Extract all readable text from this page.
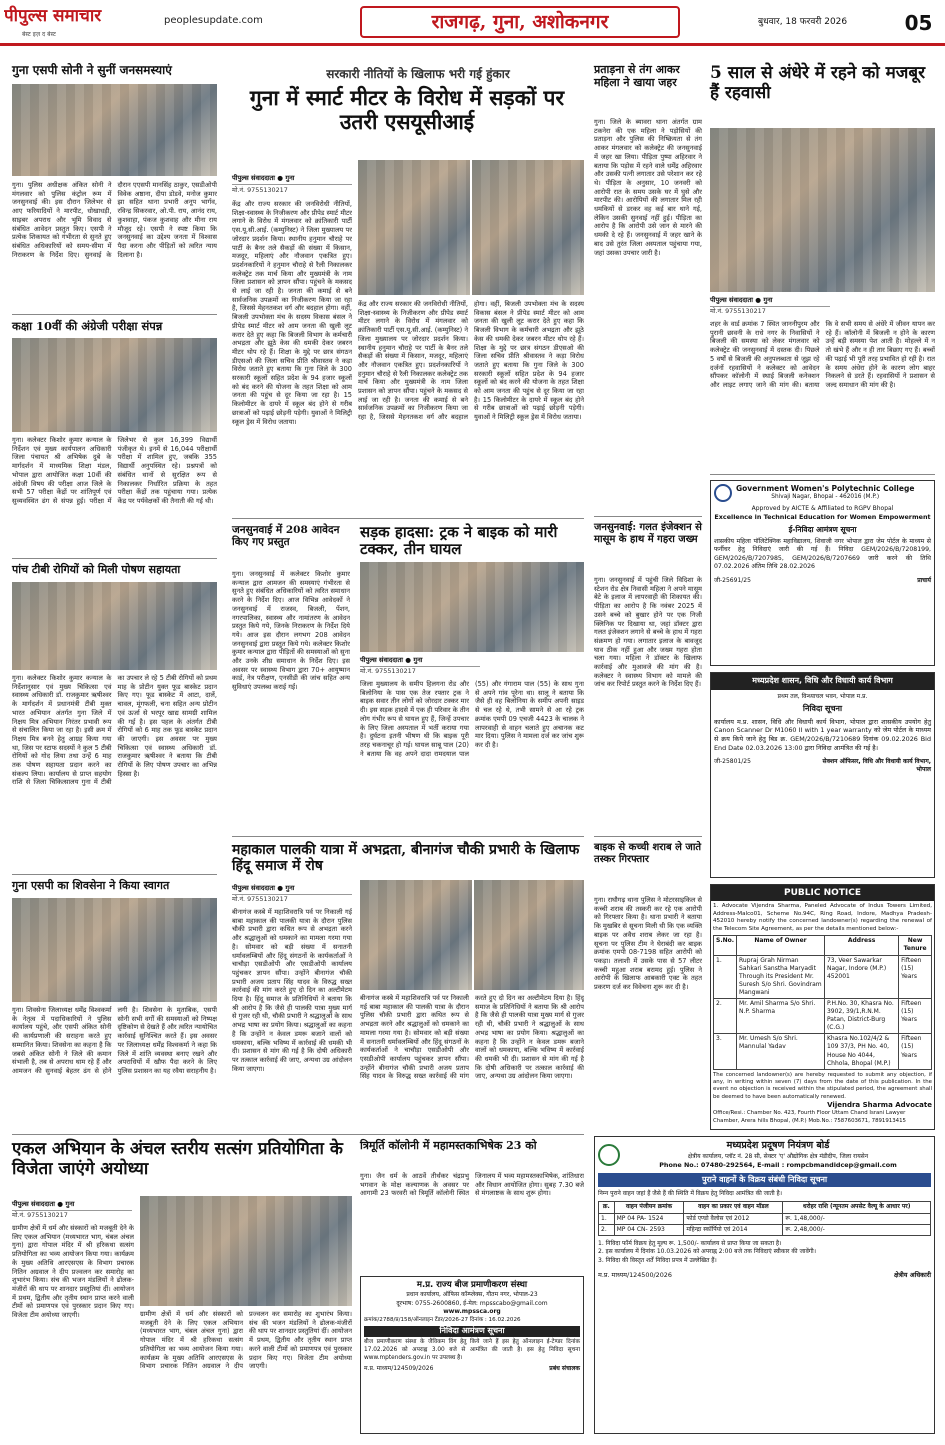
पीपुल्स समाचार
बेस्ट इज़ द बेस्ट
peoplesupdate.com	राजगढ़, गुना, अशोकनगर	बुधवार, 18 फरवरी 2026	05
गुना एसपी सोनी ने सुनीं जनसमस्याएं
गुना। पुलिस अधीक्षक अंकित सोनी ने मंगलवार को पुलिस कंट्रोल रूम में जनसुनवाई की। इस दौरान जिलेभर से आए फरियादियों ने मारपीट, धोखाधड़ी, साइबर अपराध और भूमि विवाद से संबंधित आवेदन प्रस्तुत किए। एसपी ने प्रत्येक शिकायत को गंभीरता से सुनते हुए संबंधित अधिकारियों को समय-सीमा में निराकरण के निर्देश दिए। सुनवाई के दौरान एएसपी मानसिंह ठाकुर, एसडीओपी विवेक अष्ठाना, दीपा डोडवे, मनोज कुमार झा सहित थाना प्रभारी अनूप भार्गव, रविन्द्र सिकरवार, ओ.पी. राय, आनंद राय, कुशवाहा, पंकज कुशवाह और मीना राय मौजूद रहे। एसपी ने स्पष्ट किया कि जनसुनवाई का उद्देश्य जनता में विश्वास पैदा करना और पीड़ितों को त्वरित न्याय दिलाना है।
कक्षा 10वीं की अंग्रेजी परीक्षा संपन्न
गुना। कलेक्टर किशोर कुमार कन्याल के निर्देशन एवं मुख्य कार्यपालन अधिकारी जिला पंचायत श्री अभिषेक दुबे के मार्गदर्शन में माध्यमिक शिक्षा मंडल, भोपाल द्वारा आयोजित कक्षा 10वीं की अंग्रेजी विषय की परीक्षा आज जिले के सभी 57 परीक्षा केंद्रों पर शांतिपूर्ण एवं सुव्यवस्थित ढंग से संपन्न हुई। परीक्षा में जिलेभर से कुल 16,399 विद्यार्थी पंजीकृत थे। इनमें से 16,044 परीक्षार्थी परीक्षा में शामिल हुए, जबकि 355 विद्यार्थी अनुपस्थित रहे। प्रश्नपत्रों को संबंधित थानों से सुरक्षित रूप से निकालकर निर्धारित प्रक्रिया के तहत परीक्षा केंद्रों तक पहुंचाया गया। प्रत्येक केंद्र पर पर्यवेक्षकों की तैनाती की गई थी।
पांच टीबी रोगियों को मिली पोषण सहायता
गुना। कलेक्टर किशोर कुमार कन्याल के निर्देशानुसार एवं मुख्य चिकित्सा एवं स्वास्थ्य अधिकारी डॉ. राजकुमार ऋषीश्वर के मार्गदर्शन में प्रधानमंत्री टीबी मुक्त भारत अभियान अंतर्गत गुना जिले में निक्षय मित्र अभियान निरंतर प्रभावी रूप से संचालित किया जा रहा है। इसी क्रम में निक्षय मित्र बनने हेतु आग्रह किया गया था, जिस पर स्टाफ सदस्यों ने कुल 5 टीबी रोगियों को गोद लिया तथा उन्हें 6 माह तक पोषण सहायता प्रदान करने का संकल्प लिया। कार्यालय से प्राप्त सहयोग राशि से जिला चिकित्सालय गुना में टीबी का उपचार ले रहे 5 टीबी रोगियों को प्रथम माह के प्रोटीन युक्त फूड बास्केट प्रदान किए गए। फूड बास्केट में आटा, दालें, चावल, मूंगफली, चना सहित अन्य प्रोटीन एवं ऊर्जा से भरपूर खाद्य सामग्री शामिल की गई है। इस पहल के अंतर्गत टीबी रोगियों को 6 माह तक फूड बास्केट प्रदान की जाएगी। इस अवसर पर मुख्य चिकित्सा एवं स्वास्थ्य अधिकारी डॉ. राजकुमार ऋषीश्वर ने बताया कि टीबी रोगियों के लिए पोषण उपचार का अभिन्न हिस्सा है।
गुना एसपी का शिवसेना ने किया स्वागत
गुना। शिवसेना जिलाध्यक्ष धर्मेंद्र विश्वकर्मा के नेतृत्व में पदाधिकारियों ने पुलिस कार्यालय पहुंचे, और एसपी अंकित सोनी की कार्यप्रणाली की सराहना करते हुए सम्मानित किया। शिवसेना का कहना है कि जबसे अंकित सोनी ने जिले की कमान संभाली है, तब से अपराध थाम रहे हैं और आमजन की सुनवाई बेहतर ढंग से होने लगी है। शिवसेना के मुताबिक, एसपी सोनी सभी वर्गों की समस्याओं को निष्पक्ष दृष्टिकोण से देखते हैं और त्वरित न्यायोचित कार्रवाई सुनिश्चित करते हैं। इस अवसर पर जिलाध्यक्ष धर्मेंद्र विश्वकर्मा ने कहा कि जिले में शांति व्यवस्था बनाए रखने और अपराधियों में खौफ पैदा करने के लिए पुलिस प्रशासन का यह रवैया सराहनीय है।
सरकारी नीतियों के खिलाफ भरी गई हुंकार
गुना में स्मार्ट मीटर के विरोध में सड़कों पर उतरी एसयूसीआई
पीपुल्स संवाददाता ● गुना
मो.नं. 9755130217
केंद्र और राज्य सरकार की जनविरोधी नीतियों, शिक्षा-स्वास्थ्य के निजीकरण और प्रीपेड स्मार्ट मीटर लगाने के विरोध में मंगलवार को क्रांतिकारी पार्टी एस.यू.सी.आई. (कम्युनिस्ट) ने जिला मुख्यालय पर जोरदार प्रदर्शन किया। स्थानीय हनुमान चौराहे पर पार्टी के बैनर तले सैकड़ों की संख्या में किसान, मजदूर, महिलाएं और नौजवान एकत्रित हुए। प्रदर्शनकारियों ने हनुमान चौराहे से रैली निकालकर कलेक्ट्रेट तक मार्च किया और मुख्यमंत्री के नाम जिला प्रशासन को ज्ञापन सौंपा। पहुंचने के मकसद से लाई जा रही है। जनता की कमाई से बने सार्वजनिक उपक्रमों का निजीकरण किया जा रहा है, जिससे मेहनतकश वर्ग और बदहाल होगा। वहीं, बिजली उपभोक्ता मंच के सदस्य विकास बंसल ने प्रीपेड स्मार्ट मीटर को आम जनता की खुली लूट करार देते हुए कहा कि बिजली विभाग के कर्मचारी अभद्रता और झूठे केस की धमकी देकर जबरन मीटर थोप रहे हैं। शिक्षा के मुद्दे पर छात्र संगठन डीएसओ की जिला सचिव प्रीति श्रीवास्तव ने कड़ा विरोध जताते हुए बताया कि गुना जिले के 300 सरकारी स्कूलों सहित प्रदेश के 94 हजार स्कूलों को बंद करने की योजना के तहत शिक्षा को आम जनता की पहुंच से दूर किया जा रहा है। 15 किलोमीटर के दायरे में स्कूल बंद होने से गरीब छात्राओं को पढ़ाई छोड़नी पड़ेगी। युवाओं ने मिलिट्री स्कूल ड्रेस में विरोध जताया।
केंद्र और राज्य सरकार की जनविरोधी नीतियों, शिक्षा-स्वास्थ्य के निजीकरण और प्रीपेड स्मार्ट मीटर लगाने के विरोध में मंगलवार को क्रांतिकारी पार्टी एस.यू.सी.आई. (कम्युनिस्ट) ने जिला मुख्यालय पर जोरदार प्रदर्शन किया। स्थानीय हनुमान चौराहे पर पार्टी के बैनर तले सैकड़ों की संख्या में किसान, मजदूर, महिलाएं और नौजवान एकत्रित हुए। प्रदर्शनकारियों ने हनुमान चौराहे से रैली निकालकर कलेक्ट्रेट तक मार्च किया और मुख्यमंत्री के नाम जिला प्रशासन को ज्ञापन सौंपा। पहुंचने के मकसद से लाई जा रही है। जनता की कमाई से बने सार्वजनिक उपक्रमों का निजीकरण किया जा रहा है, जिससे मेहनतकश वर्ग और बदहाल होगा। वहीं, बिजली उपभोक्ता मंच के सदस्य विकास बंसल ने प्रीपेड स्मार्ट मीटर को आम जनता की खुली लूट करार देते हुए कहा कि बिजली विभाग के कर्मचारी अभद्रता और झूठे केस की धमकी देकर जबरन मीटर थोप रहे हैं। शिक्षा के मुद्दे पर छात्र संगठन डीएसओ की जिला सचिव प्रीति श्रीवास्तव ने कड़ा विरोध जताते हुए बताया कि गुना जिले के 300 सरकारी स्कूलों सहित प्रदेश के 94 हजार स्कूलों को बंद करने की योजना के तहत शिक्षा को आम जनता की पहुंच से दूर किया जा रहा है। 15 किलोमीटर के दायरे में स्कूल बंद होने से गरीब छात्राओं को पढ़ाई छोड़नी पड़ेगी। युवाओं ने मिलिट्री स्कूल ड्रेस में विरोध जताया।
जनसुनवाई में 208 आवेदन किए गए प्रस्तुत
गुना। जनसुनवाई में कलेक्टर किशोर कुमार कन्याल द्वारा आमजन की समस्याएं गंभीरता से सुनते हुए संबंधित अधिकारियों को त्वरित समाधान करने के निर्देश दिए। आज विभिन्न आवेदकों ने जनसुनवाई में राजस्व, बिजली, पेंशन, नगरपालिका, स्वास्थ्य और नामांतरण के आवेदन प्रस्तुत किये गये, जिनके निराकरण के निर्देश दिये गये। आज इस दौरान लगभग 208 आवेदन जनसुनवाई द्वारा प्रस्तुत किये गये। कलेक्टर किशोर कुमार कन्याल द्वारा पीड़ितों की समस्याओं को सुना और उनके शीघ्र समाधान के निर्देश दिए। इस अवसर पर स्वास्थ्य विभाग द्वारा 70+ आयुष्मान कार्ड, नेत्र परीक्षण, एनसीडी की जांच सहित अन्य सुविधाएं उपलब्ध कराई गईं।
सड़क हादसा: ट्रक ने बाइक को मारी टक्कर, तीन घायल
पीपुल्स संवाददाता ● गुना
मो.नं. 9755130217
जिला मुख्यालय के समीप हिलगना रोड और बिलोनिया के पास एक तेज रफ्तार ट्रक ने बाइक सवार तीन लोगों को जोरदार टक्कर मार दी। इस सड़क हादसे में एक ही परिवार के तीन लोग गंभीर रूप से घायल हुए हैं, जिन्हें उपचार के लिए जिला अस्पताल में भर्ती कराया गया है। दुर्घटना इतनी भीषण थी कि बाइक पूरी तरह चकनाचूर हो गई। घायल साबू पाल (20) ने बताया कि वह अपने दादा रामदयाल पाल (55) और गंगाराम पाल (55) के साथ गुना से अपने गांव पूरेना था। सालू ने बताया कि जैसे ही वह बिलोनिया के समीप अपनी साइड से चल रहे थे, तभी सामने से आ रहे ट्रक क्रमांक एमपी 09 एचजी 4423 के चालक ने लापरवाही से वाहन चलाते हुए अचानक कट मार दिया। पुलिस ने मामला दर्ज कर जांच शुरू कर दी है।
महाकाल पालकी यात्रा में अभद्रता, बीनागंज चौकी प्रभारी के खिलाफ हिंदू समाज में रोष
पीपुल्स संवाददाता ● गुना
मो.नं. 9755130217
बीनागंज कस्बे में महाशिवरात्रि पर्व पर निकाली गई बाबा महाकाल की पालकी यात्रा के दौरान पुलिस चौकी प्रभारी द्वारा कथित रूप से अभद्रता करने और श्रद्धालुओं को धमकाने का मामला गरमा गया है। सोमवार को बड़ी संख्या में सनातनी धर्मावलम्बियों और हिंदू संगठनों के कार्यकर्ताओं ने चाचौड़ा एसडीओपी और एसडीओपी कार्यालय पहुंचकर ज्ञापन सौंपा। उन्होंने बीनागंज चौकी प्रभारी अजय प्रताप सिंह यादव के विरुद्ध सख्त कार्रवाई की मांग करते हुए दो दिन का अल्टीमेटम दिया है। हिंदू समाज के प्रतिनिधियों ने बताया कि श्री आरोप है कि जैसे ही पालकी यात्रा मुख्य मार्ग से गुजर रही थी, चौकी प्रभारी ने श्रद्धालुओं के साथ अभद्र भाषा का प्रयोग किया। श्रद्धालुओं का कहना है कि उन्होंने न केवल डमरू बजाने वालों को धमकाया, बल्कि भविष्य में कार्रवाई की धमकी भी दी। प्रशासन से मांग की गई है कि दोषी अधिकारी पर तत्काल कार्रवाई की जाए, अन्यथा उग्र आंदोलन किया जाएगा।
बीनागंज कस्बे में महाशिवरात्रि पर्व पर निकाली गई बाबा महाकाल की पालकी यात्रा के दौरान पुलिस चौकी प्रभारी द्वारा कथित रूप से अभद्रता करने और श्रद्धालुओं को धमकाने का मामला गरमा गया है। सोमवार को बड़ी संख्या में सनातनी धर्मावलम्बियों और हिंदू संगठनों के कार्यकर्ताओं ने चाचौड़ा एसडीओपी और एसडीओपी कार्यालय पहुंचकर ज्ञापन सौंपा। उन्होंने बीनागंज चौकी प्रभारी अजय प्रताप सिंह यादव के विरुद्ध सख्त कार्रवाई की मांग करते हुए दो दिन का अल्टीमेटम दिया है। हिंदू समाज के प्रतिनिधियों ने बताया कि श्री आरोप है कि जैसे ही पालकी यात्रा मुख्य मार्ग से गुजर रही थी, चौकी प्रभारी ने श्रद्धालुओं के साथ अभद्र भाषा का प्रयोग किया। श्रद्धालुओं का कहना है कि उन्होंने न केवल डमरू बजाने वालों को धमकाया, बल्कि भविष्य में कार्रवाई की धमकी भी दी। प्रशासन से मांग की गई है कि दोषी अधिकारी पर तत्काल कार्रवाई की जाए, अन्यथा उग्र आंदोलन किया जाएगा।
एकल अभियान के अंचल स्तरीय सत्संग प्रतियोगिता के विजेता जाएंगे अयोध्या
पीपुल्स संवाददाता ● गुना
मो.नं. 9755130217
ग्रामीण क्षेत्रों में धर्म और संस्कारों को मजबूती देने के लिए एकल अभियान (मध्यभारत भाग, चंबल अंचल गुना) द्वारा गोपाल मंदिर में श्री हरिकथा सत्संग प्रतियोगिता का भव्य आयोजन किया गया। कार्यक्रम के मुख्य अतिथि आरएसएस के विभाग प्रचारक नितिन अग्रवाल ने दीप प्रज्वलन कर समारोह का शुभारंभ किया। संच की भजन मंडलियों ने ढोलक-मंजीरों की थाप पर शानदार प्रस्तुतियां दीं। आयोजन में प्रथम, द्वितीय और तृतीय स्थान प्राप्त करने वाली टीमों को प्रमाणपत्र एवं पुरस्कार प्रदान किए गए। विजेता टीम अयोध्या जाएगी।	ग्रामीण क्षेत्रों में धर्म और संस्कारों को मजबूती देने के लिए एकल अभियान (मध्यभारत भाग, चंबल अंचल गुना) द्वारा गोपाल मंदिर में श्री हरिकथा सत्संग प्रतियोगिता का भव्य आयोजन किया गया। कार्यक्रम के मुख्य अतिथि आरएसएस के विभाग प्रचारक नितिन अग्रवाल ने दीप प्रज्वलन कर समारोह का शुभारंभ किया। संच की भजन मंडलियों ने ढोलक-मंजीरों की थाप पर शानदार प्रस्तुतियां दीं। आयोजन में प्रथम, द्वितीय और तृतीय स्थान प्राप्त करने वाली टीमों को प्रमाणपत्र एवं पुरस्कार प्रदान किए गए। विजेता टीम अयोध्या जाएगी।
त्रिमूर्ति कॉलोनी में महामस्तकाभिषेक 23 को
गुना। जैन धर्म के आठवें तीर्थंकर चंद्रप्रभु भगवान के मोक्ष कल्याणक के अवसर पर आगामी 23 फरवरी को त्रिमूर्ति कॉलोनी स्थित जिनालय में भव्य महामस्तकाभिषेक, शांतिधारा और विधान आयोजित होगा। सुबह 7.30 बजे से मंगलाष्टक के साथ शुरू होगा।
म.प्र. राज्य बीज प्रमाणीकरण संस्था
प्रधान कार्यालय, ऑफिस कॉम्प्लेक्स, गौतम नगर, भोपाल-23
दूरभाष: 0755-2600860, ई-मेल: mpsscabo@gmail.com
www.mpssca.org
क्रमांक/2788/प्र/158/ऑनलाइन टेंडर/2026-27 दिनांक : 16.02.2026
निविदा आमंत्रण सूचना
बीज प्रमाणीकरण संस्था के जैविकम विंग हेतु किये जाने हैं इस हेतु ऑनलाइन ई-टेण्डर दिनांक 17.02.2026 को अपराह्न 3.00 बजे से आमंत्रित की जाती है। इस हेतु निविदा सूचना www.mptenders.gov.in पर उपलब्ध है।
म.प्र. माध्यम/124509/2026	प्रबंध संचालक
प्रताड़ना से तंग आकर महिला ने खाया जहर
गुना। जिले के ब्यावरा थाना अंतर्गत ग्राम टकनेरा की एक महिला ने पड़ोसियों की प्रताड़ना और पुलिस की निष्क्रियता से तंग आकर मंगलवार को कलेक्ट्रेट की जनसुनवाई में जहर खा लिया। पीड़िता पुष्पा अहिरवार ने बताया कि पड़ोस में रहने वाले धर्मेंद्र अहिरवार और उसकी पत्नी लगातार उसे परेशान कर रहे थे। पीड़िता के अनुसार, 10 जनवरी को आरोपी रात के समय उसके घर में घुसे और मारपीट की। आरोपियों की लगातार मिल रही धमकियों से डरकर वह कई बार थाने गई, लेकिन उसकी सुनवाई नहीं हुई। पीड़िता का आरोप है कि आरोपी उसे जान से मारने की धमकी दे रहे हैं। जनसुनवाई में जहर खाने के बाद उसे तुरंत जिला अस्पताल पहुंचाया गया, जहां उसका उपचार जारी है।
जनसुनवाई: गलत इंजेक्शन से मासूम के हाथ में गहरा जख्म
गुना। जनसुनवाई में पहुंची जिले विदिशा के स्टेशन रोड क्षेत्र निवासी महिला ने अपने मासूम बेटे के इलाज में लापरवाही की शिकायत की। पीड़िता का आरोप है कि नवंबर 2025 में उसने बच्चे को बुखार होने पर एक निजी क्लिनिक पर दिखाया था, जहां डॉक्टर द्वारा गलत इंजेक्शन लगाने से बच्चे के हाथ में गहरा संक्रमण हो गया। लगातार इलाज के बावजूद घाव ठीक नहीं हुआ और जख्म गहरा होता चला गया। महिला ने डॉक्टर के खिलाफ कार्रवाई और मुआवजे की मांग की है। कलेक्टर ने स्वास्थ्य विभाग को मामले की जांच कर रिपोर्ट प्रस्तुत करने के निर्देश दिए हैं।
बाइक से कच्ची शराब ले जाते तस्कर गिरफ्तार
गुना। राघौगढ़ थाना पुलिस ने मोटरसाइकिल से कच्ची शराब की तस्करी कर रहे एक आरोपी को गिरफ्तार किया है। थाना प्रभारी ने बताया कि मुखबिर से सूचना मिली थी कि एक व्यक्ति बाइक पर अवैध शराब लेकर जा रहा है। सूचना पर पुलिस टीम ने घेराबंदी कर बाइक क्रमांक एमपी 08-7198 सहित आरोपी को पकड़ा। तलाशी में उसके पास से 57 लीटर कच्ची महुआ शराब बरामद हुई। पुलिस ने आरोपी के खिलाफ आबकारी एक्ट के तहत प्रकरण दर्ज कर विवेचना शुरू कर दी है।
5 साल से अंधेरे में रहने को मजबूर हैं रहवासी
पीपुल्स संवाददाता ● गुना
मो.नं. 9755130217
शहर के वार्ड क्रमांक 7 स्थित जाननीपुरम और पुरानी छावनी के राधे नगर के निवासियों ने बिजली की समस्या को लेकर मंगलवार को कलेक्ट्रेट की जनसुनवाई में दस्तक दी। पिछले 5 वर्षों से बिजली की अनुपलब्धता से जूझ रहे दर्जनों रहवासियों ने कलेक्टर को आवेदन सौंपकर कॉलोनी में स्थाई बिजली कनेक्शन और लाइट लगाए जाने की मांग की। बताया कि वे सभी समय से अंधेरे में जीवन यापन कर रहे हैं। कॉलोनी में बिजली न होने के कारण उन्हें बड़ी समस्या पेश आती है। मोहल्ले में न तो खंभे हैं और न ही तार बिछाए गए हैं। बच्चों की पढ़ाई भी पूरी तरह प्रभावित हो रही है। रात के समय अंधेरा होने के कारण लोग बाहर निकलने से डरते हैं। रहवासियों ने प्रशासन से जल्द समाधान की मांग की है।
Government Women's Polytechnic College
Shivaji Nagar, Bhopal - 462016 (M.P.)
Approved by AICTE & Affiliated to RGPV Bhopal
Excellence in Technical Education for Women Empowerment
ई-निविदा आमंत्रण सूचना
शासकीय महिला पॉलिटेक्निक महाविद्यालय, शिवाजी नगर भोपाल द्वारा जेम पोर्टल के माध्यम से फर्नीचर हेतु निविदाएं जारी की गई हैं। निविदा GEM/2026/B/7208199, GEM/2026/B/7207985, GEM/2026/B/7207669 जारी करने की तिथि 07.02.2026 अंतिम तिथि 28.02.2026
जी-25691/25	प्राचार्य
मध्यप्रदेश शासन, विधि और विधायी कार्य विभाग
प्रथम तल, विन्ध्याचल भवन, भोपाल म.प्र.
निविदा सूचना
कार्यालय म.प्र. शासन, विधि और विधायी कार्य विभाग, भोपाल द्वारा शासकीय उपयोग हेतु Canon Scanner Dr M1060 II with 1 year warranty को जेम पोर्टल के माध्यम से क्रय किये जाने हेतु बिड क्र. GEM/2026/B/7210689 दिनांक 09.02.2026 Bid End Date 02.03.2026 13:00 द्वारा निविदा आमंत्रित की गई है।
जी-25801/25	सेक्शन ऑफिसर, विधि और विधायी कार्य विभाग, भोपाल
PUBLIC NOTICE
1. Advocate Vijendra Sharma, Paneled Advocate of Indus Towers Limited, Address-Malco01, Scheme No.94C, Ring Road, Indore, Madhya Pradesh-452010 hereby notify the concerned landowner(s) regarding the renewal of the Telecom Site Agreement, as per the details mentioned below:-
S.No.	Name of Owner	Address	New Tenure
1.	Rupraj Grah Nirman Sahkari Sanstha Maryadit Through its President Mr. Suresh S/o Shri. Govindram Mangwani	73, Veer Sawarkar Nagar, Indore (M.P.) 452001	Fifteen (15) Years
2.	Mr. Amil Sharma S/o Shri. N.P. Sharma	P.H.No. 30, Khasra No. 3902, 39/1,R.N.M. Patan, District-Burg (C.G.)	Fifteen (15) Years
3.	Mr. Umesh S/o Shri. Mannulal Yadav	Khasra No.102/4/2 & 109 37/3, PH No. 40, House No 4044, Chhola, Bhopal (M.P.)	Fifteen (15) Years
The concerned landowner(s) are hereby requested to submit any objection, if any, in writing within seven (7) days from the date of this publication. In the event no objection is received within the stipulated period, the agreement shall be deemed to have been automatically renewed.
Vijendra Sharma Advocate
Office/Resi.: Chamber No. 423, Fourth Floor Uttam Chand Israni Lawyer Chamber, Arera hills Bhopal, (M.P.) Mob.No.: 7587603671, 7891913415
मध्यप्रदेश प्रदूषण नियंत्रण बोर्ड
क्षेत्रीय कार्यालय, प्लॉट नं. 28 सी, सेक्टर 'ए' औद्योगिक क्षेत्र मंडीदीप, जिला रायसेन
Phone No.: 07480-292564, E-mail : rompcbmandidcep@gmail.com
पुराने वाहनों के विक्रय संबंधी निविदा सूचना
निम्न पुराने वाहन जहां हैं जैसे हैं की स्थिति में विक्रय हेतु निविदा आमंत्रित की जाती है।
क्र.	वाहन पंजीयन क्रमांक	वाहन का प्रकार एवं वाहन मॉडल	धरोहर राशि (न्यूनतम अपसेट वैल्यू के आधार पर)
1.	MP 04 PA- 1524	फोर्ड एण्डो वैलोस एवं 2012	रू. 1,48,000/-
2.	MP 04 CN- 2593	महिन्द्रा स्कॉर्पियो एवं 2014	रू. 2,48,000/-
1. निविदा फॉर्म विक्रय हेतु मूल्य रू. 1,500/- कार्यालय से प्राप्त किया जा सकता है।
2. इस कार्यालय में दिनांक 10.03.2026 को अपराह्न 2:00 बजे तक निविदाएं स्वीकार की जावेंगी।
3. निविदा की विस्तृत शर्तें निविदा प्रपत्र में उल्लेखित हैं।
म.प्र. माध्यम/124500/2026	क्षेत्रीय अधिकारी
